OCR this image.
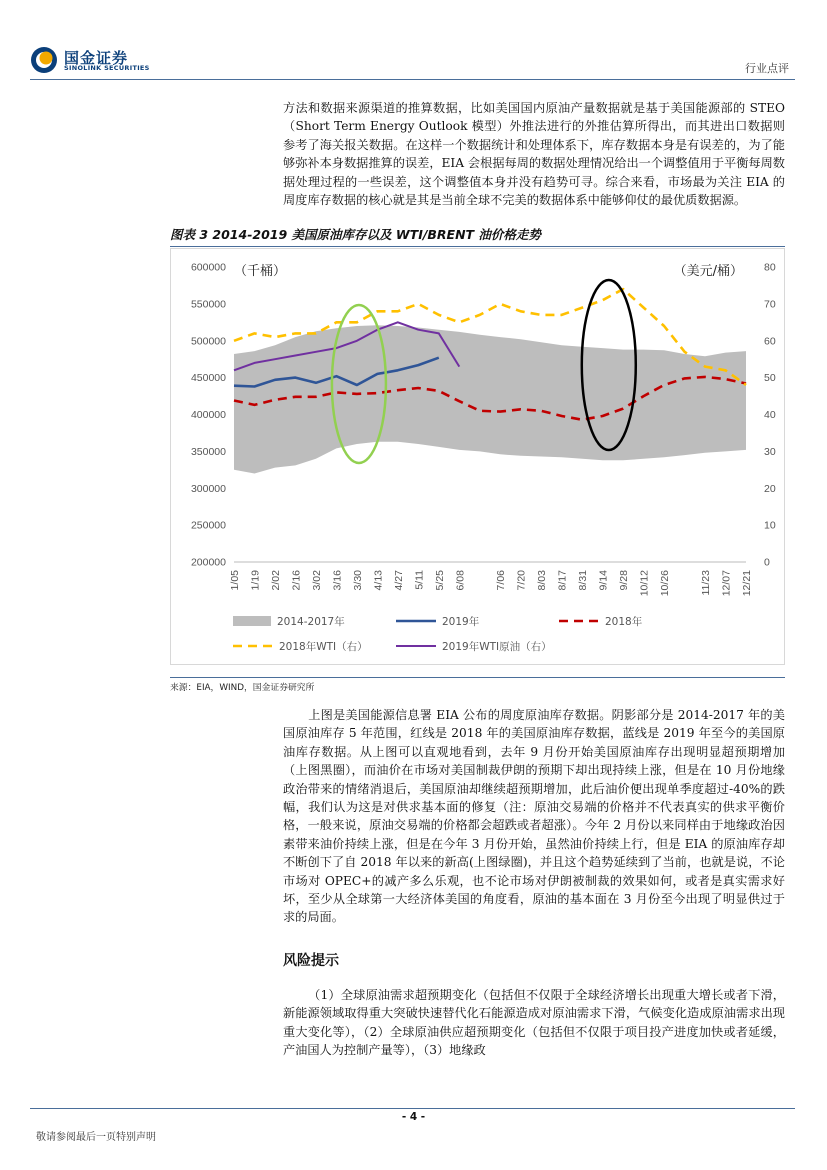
国金证券
SINOLINK SECURITIES	行业点评

方法和数据来源渠道的推算数据，比如美国国内原油产量数据就是基于美国能源部的 STEO（Short Term Energy Outlook 模型）外推法进行的外推估算所得出，而其进出口数据则参考了海关报关数据。在这样一个数据统计和处理体系下，库存数据本身是有误差的，为了能够弥补本身数据推算的误差，EIA 会根据每周的数据处理情况给出一个调整值用于平衡每周数据处理过程的一些误差，这个调整值本身并没有趋势可寻。综合来看，市场最为关注 EIA 的周度库存数据的核心就是其是当前全球不完美的数据体系中能够仰仗的最优质数据源。

图表 3 2014-2019 美国原油库存以及 WTI/BRENT 油价格走势
600000
550000
500000
450000
400000
350000
300000
250000
200000
80
70
60
50
40
30
20
10
0
（千桶）	（美元/桶）
1/05 1/19 2/02 2/16 3/02 3/16 3/30 4/13 4/27 5/11 5/25 6/08	7/06 7/20 8/03 8/17 8/31 9/14 9/28 10/12 10/26	11/23 12/07 12/21
2014-2017年	2019年	2018年
2018年WTI（右）	2019年WTI原油（右）
来源：EIA，WIND，国金证券研究所

上图是美国能源信息署 EIA 公布的周度原油库存数据。阴影部分是 2014-2017 年的美国原油库存 5 年范围，红线是 2018 年的美国原油库存数据，蓝线是 2019 年至今的美国原油库存数据。从上图可以直观地看到，去年 9 月份开始美国原油库存出现明显超预期增加（上图黑圈），而油价在市场对美国制裁伊朗的预期下却出现持续上涨，但是在 10 月份地缘政治带来的情绪消退后，美国原油却继续超预期增加，此后油价便出现单季度超过-40%的跌幅，我们认为这是对供求基本面的修复（注：原油交易端的价格并不代表真实的供求平衡价格，一般来说，原油交易端的价格都会超跌或者超涨）。今年 2 月份以来同样由于地缘政治因素带来油价持续上涨，但是在今年 3 月份开始，虽然油价持续上行，但是 EIA 的原油库存却不断创下了自 2018 年以来的新高(上图绿圈)，并且这个趋势延续到了当前，也就是说，不论市场对 OPEC+的减产多么乐观，也不论市场对伊朗被制裁的效果如何，或者是真实需求好坏，至少从全球第一大经济体美国的角度看，原油的基本面在 3 月份至今出现了明显供过于求的局面。

风险提示

（1）全球原油需求超预期变化（包括但不仅限于全球经济增长出现重大增长或者下滑，新能源领域取得重大突破快速替代化石能源造成对原油需求下滑，气候变化造成原油需求出现重大变化等），（2）全球原油供应超预期变化（包括但不仅限于项目投产进度加快或者延缓，产油国人为控制产量等），（3）地缘政

- 4 -
敬请参阅最后一页特别声明
